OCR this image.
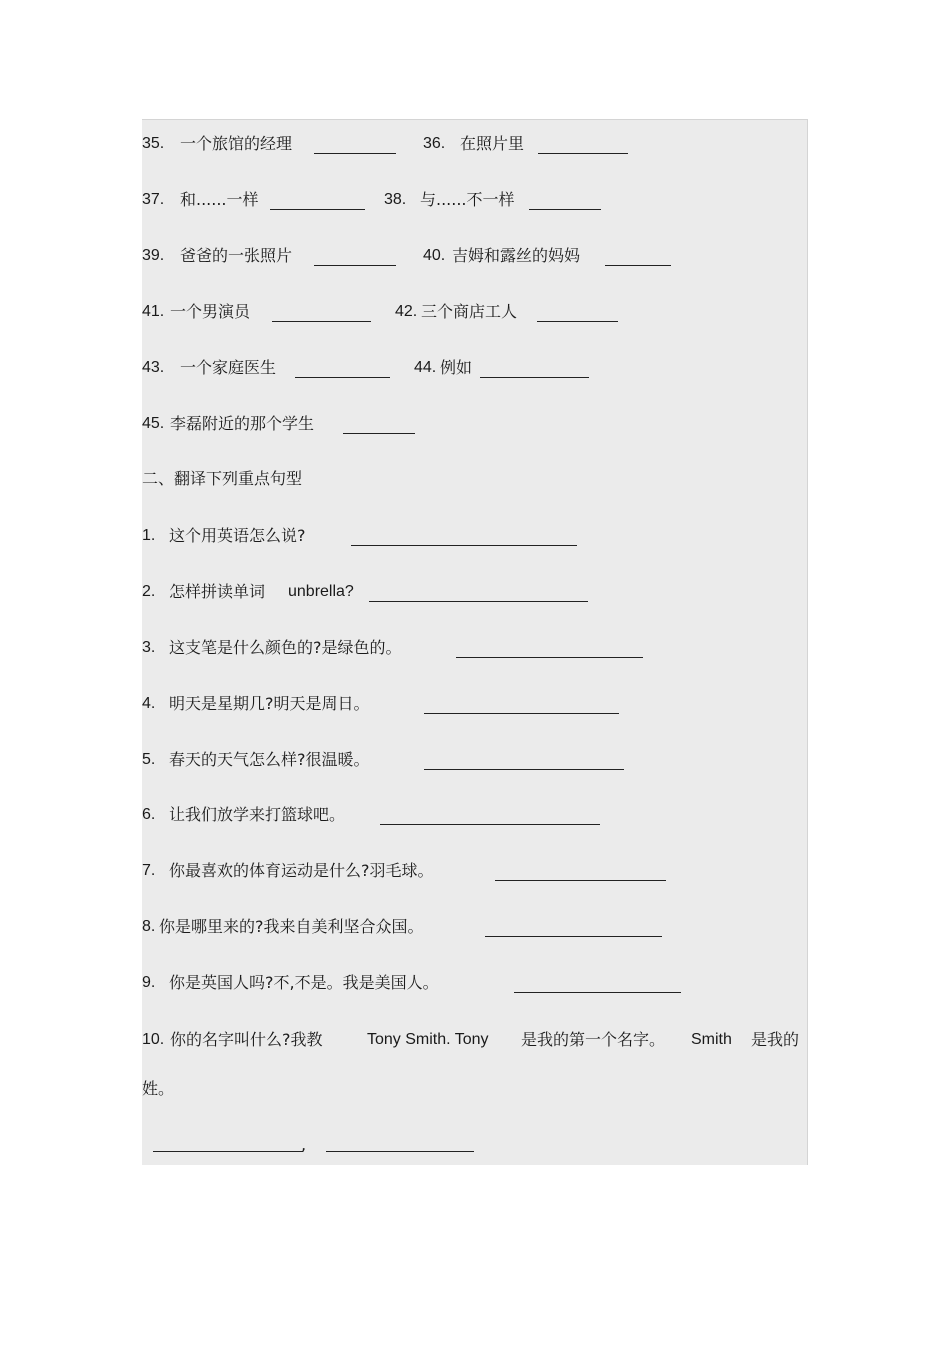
35. 一个旅馆的经理	36. 在照片里
37. 和......一样	38. 与......不一样
39. 爸爸的一张照片	40. 吉姆和露丝的妈妈
41. 一个男演员	42. 三个商店工人
43. 一个家庭医生	44. 例如
45. 李磊附近的那个学生
二、翻译下列重点句型
1. 这个用英语怎么说?
2. 怎样拼读单词 unbrella?
3. 这支笔是什么颜色的?是绿色的。
4. 明天是星期几?明天是周日。
5. 春天的天气怎么样?很温暖。
6. 让我们放学来打篮球吧。
7. 你最喜欢的体育运动是什么?羽毛球。
8. 你是哪里来的?我来自美利坚合众国。
9. 你是英国人吗?不,不是。我是美国人。
10. 你的名字叫什么?我教	Tony Smith. Tony 是我的第一个名字。 Smith 是我的
姓。
,
